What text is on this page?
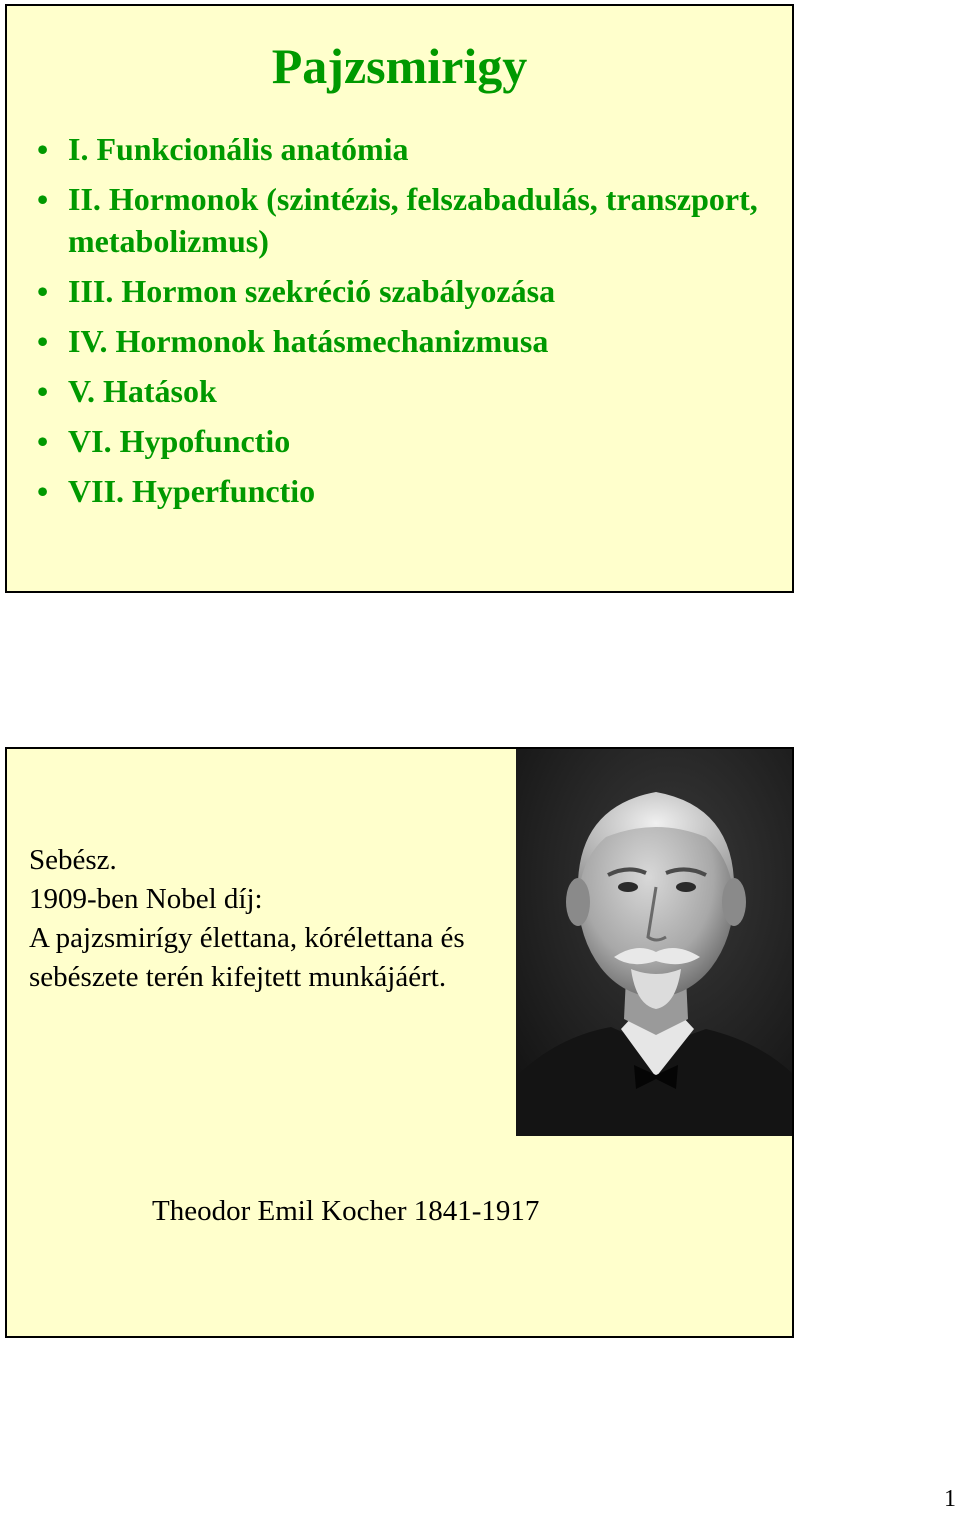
Pajzsmirigy
• I. Funkcionális anatómia
• II. Hormonok (szintézis, felszabadulás, transzport, metabolizmus)
• III. Hormon szekréció szabályozása
• IV. Hormonok hatásmechanizmusa
• V. Hatások
• VI. Hypofunctio
• VII. Hyperfunctio
Sebész.
1909-ben Nobel díj:
A pajzsmirígy élettana, kórélettana és
sebészete terén kifejtett munkájáért.
Theodor Emil Kocher 1841-1917
1
